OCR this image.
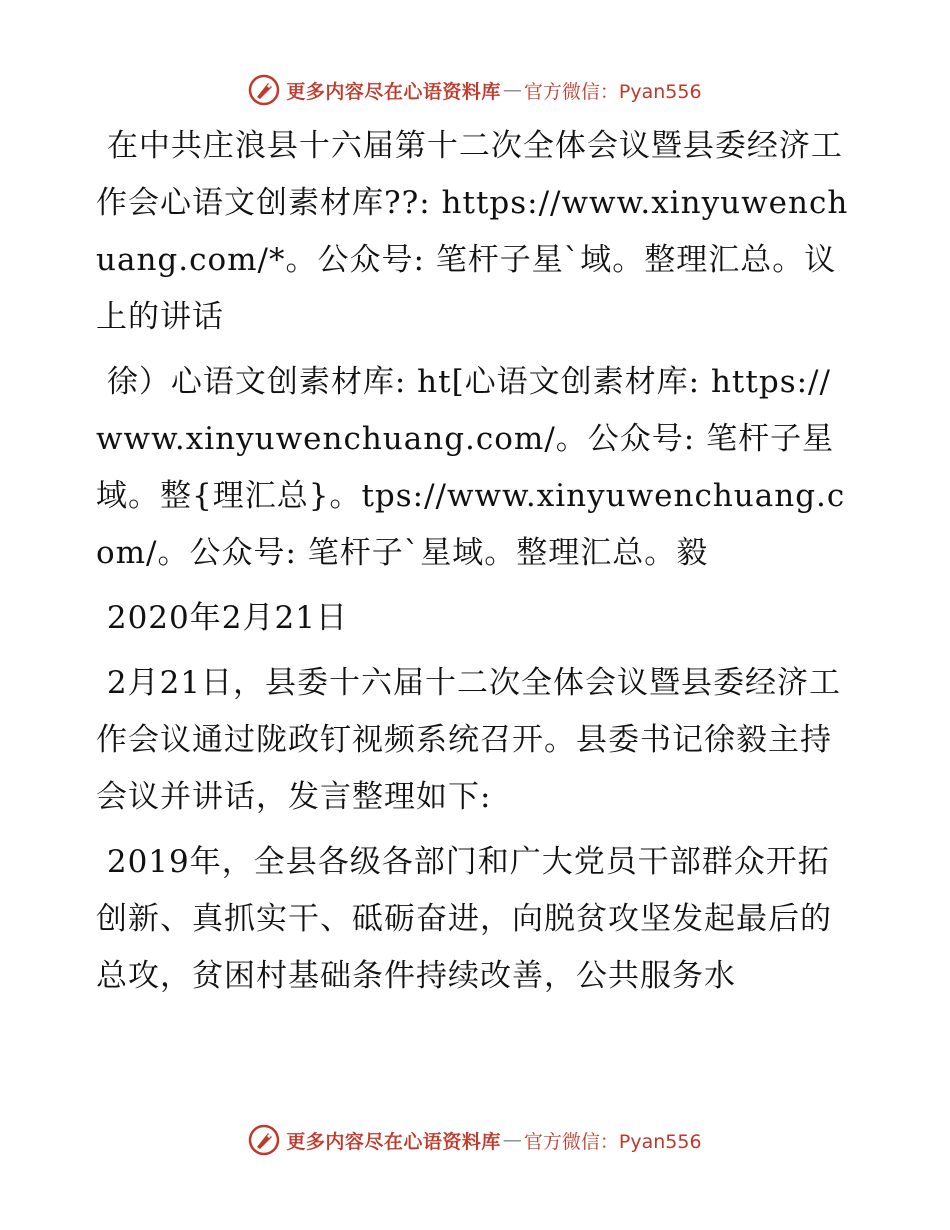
更多内容尽在心语资料库 — 官方微信：Pyan556

在中共庄浪县十六届第十二次全体会议暨县委经济工作会心语文创素材库??: https://www.xinyuwenchuang.com/*。公众号: 笔杆子星`域。整理汇总。议上的讲话

徐）心语文创素材库: ht[心语文创素材库: https://www.xinyuwenchuang.com/。公众号: 笔杆子星域。整{理汇总}。tps://www.xinyuwenchuang.com/。公众号: 笔杆子`星域。整理汇总。毅

2020年2月21日

2月21日，县委十六届十二次全体会议暨县委经济工作会议通过陇政钉视频系统召开。县委书记徐毅主持会议并讲话，发言整理如下:

2019年，全县各级各部门和广大党员干部群众开拓创新、真抓实干、砥砺奋进，向脱贫攻坚发起最后的总攻，贫困村基础条件持续改善，公共服务水

更多内容尽在心语资料库 — 官方微信：Pyan556
